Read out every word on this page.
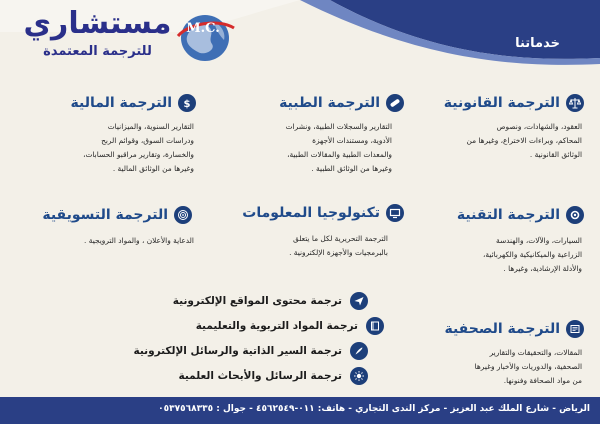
مستشاري
للترجمة المعتمدة
M.C.
خدماتنا
الترجمة القانونية
العقود، والشهادات، ونصوص
المحاكم، وبراءات الاختراع، وغيرها من
الوثائق القانونية .
الترجمة الطبية
التقارير والسجلات الطبية، ونشرات
الأدوية، ومستندات الأجهزة
والمعدات الطبية والمقالات الطبية،
وغيرها من الوثائق الطبية .
$
الترجمة المالية
التقارير السنوية، والميزانيات
ودراسات السوق، وقوائم الربح
والخسارة، وتقارير مراقبو الحسابات،
وغيرها من الوثائق المالية .
الترجمة التقنية
السيارات، والآلات، والهندسة
الزراعية والميكانيكية والكهربائية،
والأدلة الإرشادية، وغيرها .
تكنولوجيا المعلومات
الترجمة التحريرية لكل ما يتعلق
بالبرمجيات والأجهزة الإلكترونية .
الترجمة التسويقية
الدعاية والأعلان ، والمواد الترويجية .
الترجمة الصحفية
المقالات، والتحقيقات والتقارير
الصحفية، والدوريات والأخبار وغيرها
من مواد الصحافة وفنونها.
ترجمة محتوى المواقع الإلكترونية
ترجمة المواد التربوية والتعليمية
ترجمة السير الذاتية والرسائل الإلكترونية
ترجمة الرسائل والأبحاث العلمية
الرياض - شارع الملك عبد العزيز - مركز الندى التجاري - هاتف: ٠١١-٤٥٦٢٥٤٩ - جوال : ٠٥٣٧٥٦٨٣٣٥
